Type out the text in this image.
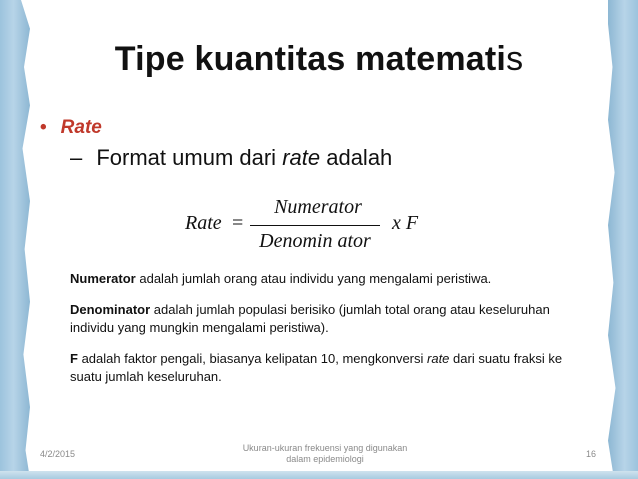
Tipe kuantitas matematis
• Rate
– Format umum dari rate adalah
Rate =
Numerator
Denomin ator
x F
Numerator adalah jumlah orang atau individu yang mengalami peristiwa.
Denominator adalah jumlah populasi berisiko (jumlah total orang atau keseluruhan individu yang mungkin mengalami peristiwa).
F adalah faktor pengali, biasanya kelipatan 10, mengkonversi rate dari suatu fraksi ke suatu jumlah keseluruhan.
4/2/2015
Ukuran-ukuran frekuensi yang digunakan
dalam epidemiologi	16
